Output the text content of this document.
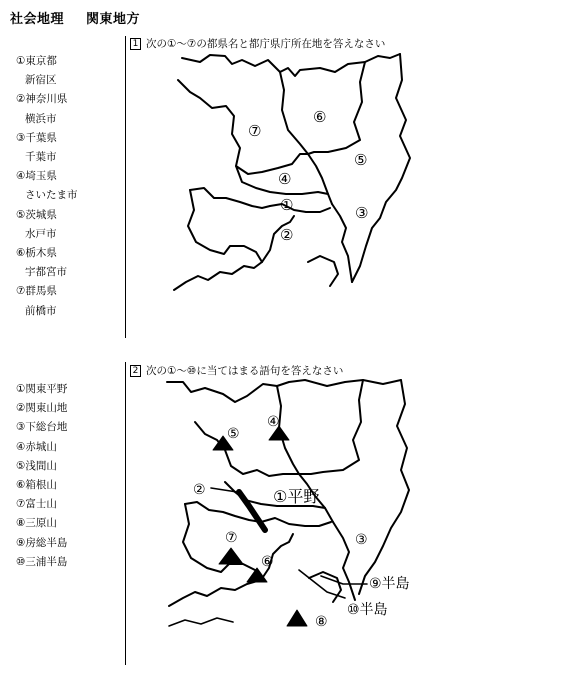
社会地理 関東地方
①東京都
新宿区
②神奈川県
横浜市
③千葉県
千葉市
④埼玉県
さいたま市
⑤茨城県
水戸市
⑥栃木県
宇都宮市
⑦群馬県
前橋市
1 次の①～⑦の都県名と都庁県庁所在地を答えなさい
①
②
③
④
⑤
⑥
⑦
①関東平野
②関東山地
③下総台地
④赤城山
⑤浅間山
⑥箱根山
⑦富士山
⑧三原山
⑨房総半島
⑩三浦半島
2 次の①～⑩に当てはまる語句を答えなさい
①平野
②
③
④
⑤
⑥
⑦
⑧
⑨半島
⑩半島
